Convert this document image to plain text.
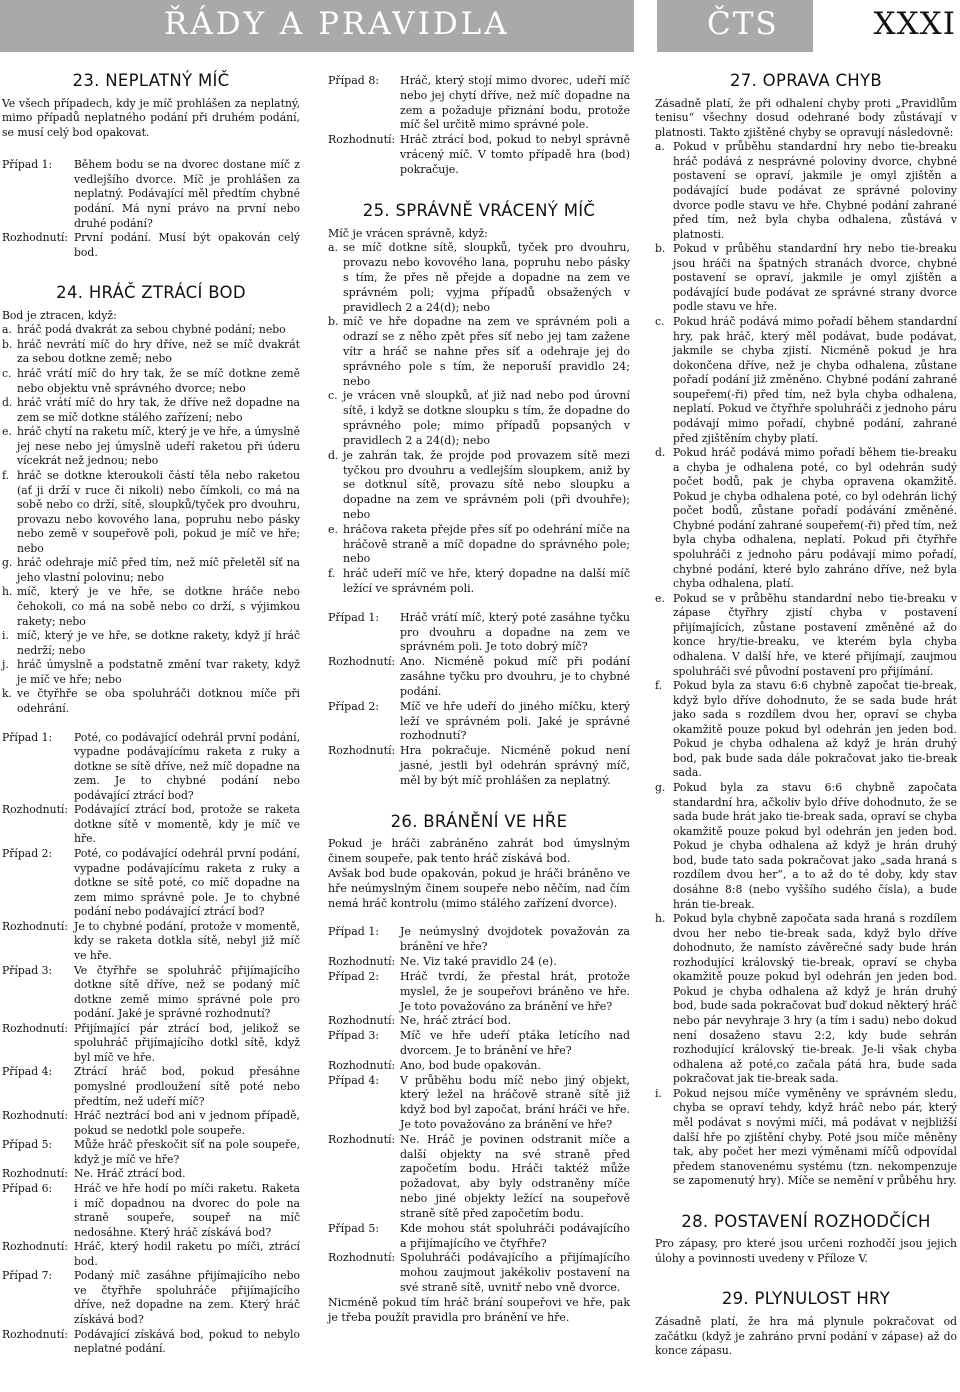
ŘÁDY A PRAVIDLA	ČTS	XXXI
23. NEPLATNÝ MÍČ

Ve všech případech, kdy je míč prohlášen za neplatný, mimo případů neplatného podání při druhém podání, se musí celý bod opakovat.

Případ 1:	Během bodu se na dvorec dostane míč z vedlejšího dvorce. Míč je prohlášen za neplatný. Podávající měl předtím chybné podání. Má nyní právo na první nebo druhé podání?
Rozhodnutí: První podání. Musí být opakován celý bod.
24. HRÁČ ZTRÁCÍ BOD

Bod je ztracen, když:

a. hráč podá dvakrát za sebou chybné podání; nebo
b. hráč nevrátí míč do hry dříve, než se míč dvakrát za sebou dotkne země; nebo
c. hráč vrátí míč do hry tak, že se míč dotkne země nebo objektu vně správného dvorce; nebo
d. hráč vrátí míč do hry tak, že dříve než dopadne na zem se míč dotkne stálého zařízení; nebo
e. hráč chytí na raketu míč, který je ve hře, a úmyslně jej nese nebo jej úmyslně udeří raketou při úderu vícekrát než jednou; nebo
f. hráč se dotkne kteroukoli částí těla nebo raketou (ať ji drží v ruce či nikoli) nebo čímkoli, co má na sobě nebo co drží, sítě, sloupků/tyček pro dvouhru, provazu nebo kovového lana, popruhu nebo pásky nebo země v soupeřově poli, pokud je míč ve hře; nebo
g. hráč odehraje míč před tím, než míč přeletěl síť na jeho vlastní polovinu; nebo
h. míč, který je ve hře, se dotkne hráče nebo čehokoli, co má na sobě nebo co drží, s výjimkou rakety; nebo
i. míč, který je ve hře, se dotkne rakety, když jí hráč nedrží; nebo
j. hráč úmyslně a podstatně změní tvar rakety, když je míč ve hře; nebo
k. ve čtyřhře se oba spoluhráči dotknou míče při odehrání.
Případ 1:	Poté, co podávající odehrál první podání, vypadne podávajícímu raketa z ruky a dotkne se sítě dříve, než míč dopadne na zem. Je to chybné podání nebo podávající ztrácí bod?
Rozhodnutí: Podávající ztrácí bod, protože se raketa dotkne sítě v momentě, kdy je míč ve hře.
Případ 2:	Poté, co podávající odehrál první podání, vypadne podávajícímu raketa z ruky a dotkne se sítě poté, co míč dopadne na zem mimo správné pole. Je to chybné podání nebo podávající ztrácí bod?
Rozhodnutí: Je to chybné podání, protože v momentě, kdy se raketa dotkla sítě, nebyl již míč ve hře.
Případ 3:	Ve čtyřhře se spoluhráč přijímajícího dotkne sítě dříve, než se podaný míč dotkne země mimo správné pole pro podání. Jaké je správné rozhodnutí?
Rozhodnutí: Přijímající pár ztrácí bod, jelikož se spoluhráč přijímajícího dotkl sítě, když byl míč ve hře.
Případ 4:	Ztrácí hráč bod, pokud přesáhne pomyslné prodloužení sítě poté nebo předtím, než udeří míč?
Rozhodnutí: Hráč neztrácí bod ani v jednom případě, pokud se nedotkl pole soupeře.
Případ 5:	Může hráč přeskočit síť na pole soupeře, když je míč ve hře?
Rozhodnutí: Ne. Hráč ztrácí bod.
Případ 6:	Hráč ve hře hodí po míči raketu. Raketa i míč dopadnou na dvorec do pole na straně soupeře, soupeř na míč nedosáhne. Který hráč získává bod?
Rozhodnutí: Hráč, který hodil raketu po míči, ztrácí bod.
Případ 7:	Podaný míč zasáhne přijímajícího nebo ve čtyřhře spoluhráče přijímajícího dříve, než dopadne na zem. Který hráč získává bod?
Rozhodnutí: Podávající získává bod, pokud to nebylo neplatné podání.
Případ 8:	Hráč, který stojí mimo dvorec, udeří míč nebo jej chytí dříve, než míč dopadne na zem a požaduje přiznání bodu, protože míč šel určitě mimo správné pole.
Rozhodnutí: Hráč ztrácí bod, pokud to nebyl správně vrácený míč. V tomto případě hra (bod) pokračuje.
25. SPRÁVNĚ VRÁCENÝ MÍČ

Míč je vrácen správně, když:

a. se míč dotkne sítě, sloupků, tyček pro dvouhru, provazu nebo kovového lana, popruhu nebo pásky s tím, že přes ně přejde a dopadne na zem ve správném poli; vyjma případů obsažených v pravidlech 2 a 24(d); nebo
b. míč ve hře dopadne na zem ve správném poli a odrazí se z něho zpět přes síť nebo jej tam zažene vítr a hráč se nahne přes síť a odehraje jej do správného pole s tím, že neporuší pravidlo 24; nebo
c. je vrácen vně sloupků, ať již nad nebo pod úrovní sítě, i když se dotkne sloupku s tím, že dopadne do správného pole; mimo případů popsaných v pravidlech 2 a 24(d); nebo
d. je zahrán tak, že projde pod provazem sítě mezi tyčkou pro dvouhru a vedlejším sloupkem, aniž by se dotknul sítě, provazu sítě nebo sloupku a dopadne na zem ve správném poli (při dvouhře); nebo
e. hráčova raketa přejde přes síť po odehrání míče na hráčově straně a míč dopadne do správného pole; nebo
f. hráč udeří míč ve hře, který dopadne na další míč ležící ve správném poli.
Případ 1:	Hráč vrátí míč, který poté zasáhne tyčku pro dvouhru a dopadne na zem ve správném poli. Je toto dobrý míč?
Rozhodnutí: Ano. Nicméně pokud míč při podání zasáhne tyčku pro dvouhru, je to chybné podání.
Případ 2:	Míč ve hře udeří do jiného míčku, který leží ve správném poli. Jaké je správné rozhodnutí?
Rozhodnutí: Hra pokračuje. Nicméně pokud není jasné, jestli byl odehrán správný míč, měl by být míč prohlášen za neplatný.
26. BRÁNĚNÍ VE HŘE

Pokud je hráči zabráněno zahrát bod úmyslným činem soupeře, pak tento hráč získává bod.

Avšak bod bude opakován, pokud je hráči bráněno ve hře neúmyslným činem soupeře nebo něčím, nad čím nemá hráč kontrolu (mimo stálého zařízení dvorce).

Případ 1:	Je neúmyslný dvojdotek považován za bránění ve hře?
Rozhodnutí: Ne. Viz také pravidlo 24 (e).
Případ 2:	Hráč tvrdí, že přestal hrát, protože myslel, že je soupeřovi bráněno ve hře. Je toto považováno za bránění ve hře?
Rozhodnutí: Ne, hráč ztrácí bod.
Případ 3:	Míč ve hře udeří ptáka letícího nad dvorcem. Je to bránění ve hře?
Rozhodnutí: Ano, bod bude opakován.
Případ 4:	V průběhu bodu míč nebo jiný objekt, který ležel na hráčově straně sítě již když bod byl započat, brání hráči ve hře. Je toto považováno za bránění ve hře?
Rozhodnutí: Ne. Hráč je povinen odstranit míče a další objekty na své straně před započetím bodu. Hráči taktéž může požadovat, aby byly odstraněny míče nebo jiné objekty ležící na soupeřově straně sítě před započetím bodu.
Případ 5:	Kde mohou stát spoluhráči podávajícího a přijímajícího ve čtyřhře?
Rozhodnutí: Spoluhráči podávajícího a přijímajícího mohou zaujmout jakékoliv postavení na své straně sítě, uvnitř nebo vně dvorce.

Nicméně pokud tím hráč brání soupeřovi ve hře, pak je třeba použít pravidla pro bránění ve hře.

27. OPRAVA CHYB

Zásadně platí, že při odhalení chyby proti „Pravidlům tenisu“ všechny dosud odehrané body zůstávají v platnosti. Takto zjištěné chyby se opravují následovně:

a. Pokud v průběhu standardní hry nebo tie-breaku hráč podává z nesprávné poloviny dvorce, chybné postavení se opraví, jakmile je omyl zjištěn a podávající bude podávat ze správné poloviny dvorce podle stavu ve hře. Chybné podání zahrané před tím, než byla chyba odhalena, zůstává v platnosti.
b. Pokud v průběhu standardní hry nebo tie-breaku jsou hráči na špatných stranách dvorce, chybné postavení se opraví, jakmile je omyl zjištěn a podávající bude podávat ze správné strany dvorce podle stavu ve hře.
c. Pokud hráč podává mimo pořadí během standardní hry, pak hráč, který měl podávat, bude podávat, jakmile se chyba zjistí. Nicméně pokud je hra dokončena dříve, než je chyba odhalena, zůstane pořadí podání již změněno. Chybné podání zahrané soupeřem(-ři) před tím, než byla chyba odhalena, neplatí. Pokud ve čtyřhře spoluhráči z jednoho páru podávají mimo pořadí, chybné podání, zahrané před zjištěním chyby platí.
d. Pokud hráč podává mimo pořadí během tie-breaku a chyba je odhalena poté, co byl odehrán sudý počet bodů, pak je chyba opravena okamžitě. Pokud je chyba odhalena poté, co byl odehrán lichý počet bodů, zůstane pořadí podávání změněné. Chybné podání zahrané soupeřem(-ři) před tím, než byla chyba odhalena, neplatí. Pokud při čtyřhře spoluhráči z jednoho páru podávají mimo pořadí, chybné podání, které bylo zahráno dříve, než byla chyba odhalena, platí.
e. Pokud se v průběhu standardní nebo tie-breaku v zápase čtyřhry zjistí chyba v postavení přijímajících, zůstane postavení změněné až do konce hry/tie-breaku, ve kterém byla chyba odhalena. V další hře, ve které přijímají, zaujmou spoluhráči své původní postavení pro přijímání.
f.	Pokud byla za stavu 6:6 chybně započat tie-break, když bylo dříve dohodnuto, že se sada bude hrát jako sada s rozdílem dvou her, opraví se chyba okamžitě pouze pokud byl odehrán jen jeden bod. Pokud je chyba odhalena až když je hrán druhý bod, pak bude sada dále pokračovat jako tie-break sada.
g. Pokud byla za stavu 6:6 chybně započata standardní hra, ačkoliv bylo dříve dohodnuto, že se sada bude hrát jako tie-break sada, opraví se chyba okamžitě pouze pokud byl odehrán jen jeden bod. Pokud je chyba odhalena až když je hrán druhý bod, bude tato sada pokračovat jako „sada hraná s rozdílem dvou her“, a to až do té doby, kdy stav dosáhne 8:8 (nebo vyššího sudého čísla), a bude hrán tie-break.
h. Pokud byla chybně započata sada hraná s rozdílem dvou her nebo tie-break sada, když bylo dříve dohodnuto, že namísto závěrečné sady bude hrán rozhodující královský tie-break, opraví se chyba okamžitě pouze pokud byl odehrán jen jeden bod. Pokud je chyba odhalena až když je hrán druhý bod, bude sada pokračovat buď dokud některý hráč nebo pár nevyhraje 3 hry (a tím i sadu) nebo dokud není dosaženo stavu 2:2, kdy bude sehrán rozhodující královský tie-break. Je-li však chyba odhalena až poté,co začala pátá hra, bude sada pokračovat jak tie-break sada.
i.	Pokud nejsou míče vyměněny ve správném sledu, chyba se opraví tehdy, když hráč nebo pár, který měl podávat s novými míči, má podávat v nejbližší další hře po zjištění chyby. Poté jsou míče měněny tak, aby počet her mezi výměnami míčů odpovídal předem stanovenému systému (tzn. nekompenzuje se zapomenutý hry). Míče se nemění v průběhu hry.
28. POSTAVENÍ ROZHODČÍCH

Pro zápasy, pro které jsou určeni rozhodčí jsou jejich úlohy a povinnosti uvedeny v Příloze V.

29. PLYNULOST HRY

Zásadně platí, že hra má plynule pokračovat od začátku (když je zahráno první podání v zápase) až do konce zápasu.
